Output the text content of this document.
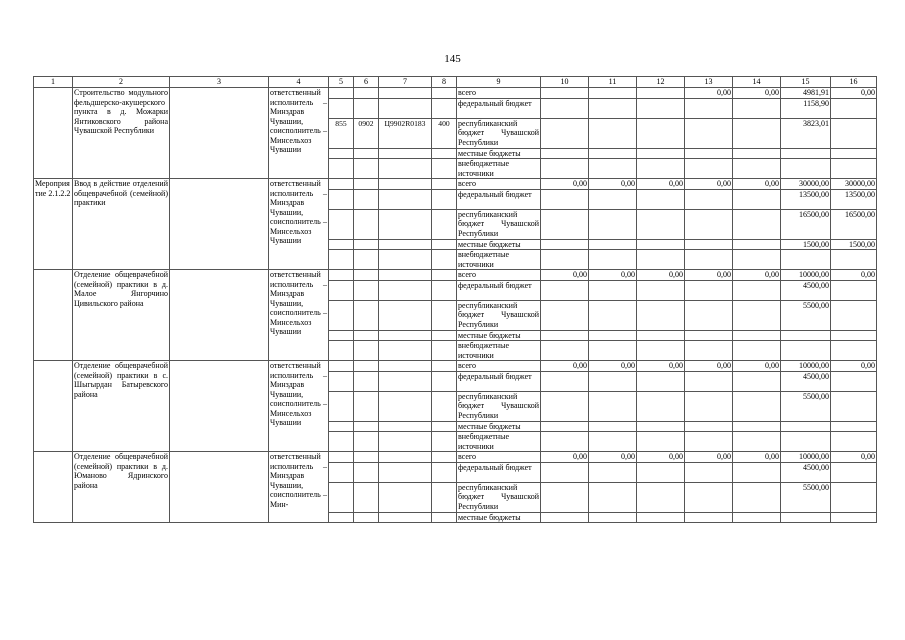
145
1	2	3	4	5	6	7	8	9	10	11	12	13	14	15	16
	Строительство модульного фельдшерско-акушерского пункта в д. Можарки Янтиковского района Чувашской Республики		ответственный исполнитель – Минздрав Чувашии, соисполнитель – Минсельхоз Чувашии					всего				0,00	0,00	4981,91	0,00
								федеральный бюджет						1158,90	
				855	0902	Ц9902R0183	400	республиканский бюджет Чувашской Республики						3823,01	
								местные бюджеты							
								внебюджетные источники							
Мероприятие 2.1.2.2	Ввод в действие отделений общеврачебной (семейной) практики		ответственный исполнитель – Минздрав Чувашии, соисполнитель – Минсельхоз Чувашии					всего	0,00	0,00	0,00	0,00	0,00	30000,00	30000,00
								федеральный бюджет						13500,00	13500,00
								республиканский бюджет Чувашской Республики						16500,00	16500,00
								местные бюджеты						1500,00	1500,00
								внебюджетные источники							
	Отделение общеврачебной (семейной) практики в д. Малое Янгорчино Цивильского района		ответственный исполнитель – Минздрав Чувашии, соисполнитель – Минсельхоз Чувашии					всего	0,00	0,00	0,00	0,00	0,00	10000,00	0,00
								федеральный бюджет						4500,00	
								республиканский бюджет Чувашской Республики						5500,00	
								местные бюджеты							
								внебюджетные источники							
	Отделение общеврачебной (семейной) практики в с. Шыгырдан Батыревского района		ответственный исполнитель – Минздрав Чувашии, соисполнитель – Минсельхоз Чувашии					всего	0,00	0,00	0,00	0,00	0,00	10000,00	0,00
								федеральный бюджет						4500,00	
								республиканский бюджет Чувашской Республики						5500,00	
								местные бюджеты							
								внебюджетные источники							
	Отделение общеврачебной (семейной) практики в д. Юманово Ядринского района		ответственный исполнитель – Минздрав Чувашии, соисполнитель – Мин-					всего	0,00	0,00	0,00	0,00	0,00	10000,00	0,00
								федеральный бюджет						4500,00	
								республиканский бюджет Чувашской Республики						5500,00	
								местные бюджеты							
